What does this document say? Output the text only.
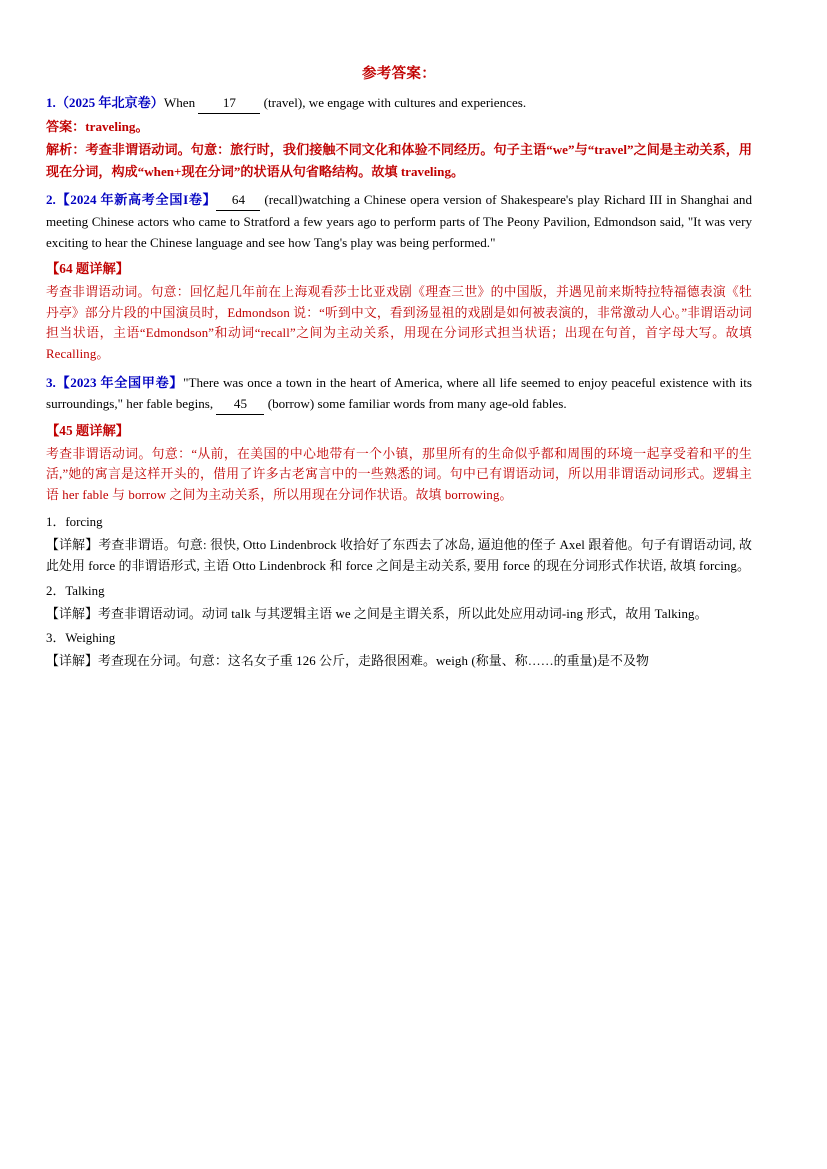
参考答案：

1.（2025 年北京卷）When 17 (travel), we engage with cultures and experiences.

答案：traveling。

解析：考查非谓语动词。句意：旅行时，我们接触不同文化和体验不同经历。句子主语“we”与“travel”之间是主动关系，用现在分词，构成“when+现在分词”的状语从句省略结构。故填 traveling。

2.【2024 年新高考全国I卷】 64 (recall)watching a Chinese opera version of Shakespeare's play Richard III in Shanghai and meeting Chinese actors who came to Stratford a few years ago to perform parts of The Peony Pavilion, Edmondson said, "It was very exciting to hear the Chinese language and see how Tang's play was being performed."

【64 题详解】

考查非谓语动词。句意：回忆起几年前在上海观看莎士比亚戏剧《理查三世》的中国版，并遇见前来斯特拉特福德表演《牡丹亭》部分片段的中国演员时，Edmondson 说：“听到中文，看到汤显祖的戏剧是如何被表演的，非常激动人心。”非谓语动词担当状语，主语“Edmondson”和动词“recall”之间为主动关系，用现在分词形式担当状语；出现在句首，首字母大写。故填 Recalling。

3.【2023 年全国甲卷】"There was once a town in the heart of America, where all life seemed to enjoy peaceful existence with its surroundings," her fable begins, 45 (borrow) some familiar words from many age-old fables.

【45 题详解】

考查非谓语动词。句意：“从前，在美国的中心地带有一个小镇，那里所有的生命似乎都和周围的环境一起享受着和平的生活,”她的寓言是这样开头的，借用了许多古老寓言中的一些熟悉的词。句中已有谓语动词，所以用非谓语动词形式。逻辑主语 her fable 与 borrow 之间为主动关系，所以用现在分词作状语。故填 borrowing。

1．forcing

【详解】考查非谓语。句意: 很快, Otto Lindenbrock 收拾好了东西去了冰岛, 逼迫他的侄子 Axel 跟着他。句子有谓语动词, 故此处用 force 的非谓语形式, 主语 Otto Lindenbrock 和 force 之间是主动关系, 要用 force 的现在分词形式作状语, 故填 forcing。

2．Talking

【详解】考查非谓语动词。动词 talk 与其逻辑主语 we 之间是主谓关系，所以此处应用动词-ing 形式，故用 Talking。

3．Weighing

【详解】考查现在分词。句意：这名女子重 126 公斤，走路很困难。weigh (称量、称……的重量)是不及物
